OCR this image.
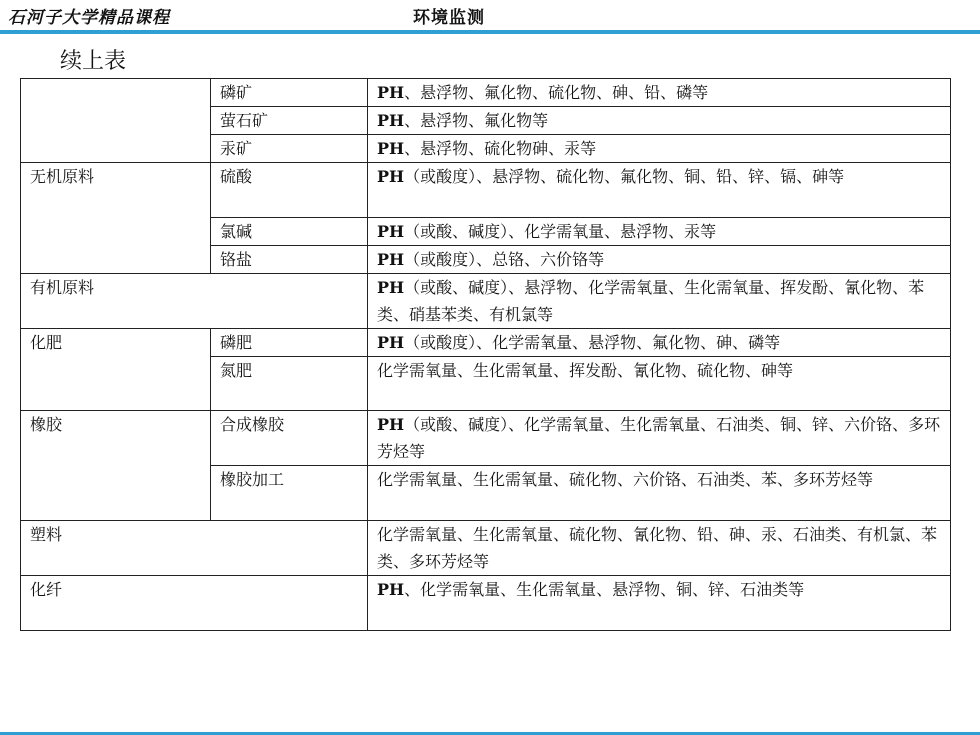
石河子大学精品课程	环境监测
续上表
	磷矿	PH、悬浮物、氟化物、硫化物、砷、铅、磷等
	萤石矿	PH、悬浮物、氟化物等
	汞矿	PH、悬浮物、硫化物砷、汞等
无机原料	硫酸	PH（或酸度）、悬浮物、硫化物、氟化物、铜、铅、锌、镉、砷等
	氯碱	PH（或酸、碱度）、化学需氧量、悬浮物、汞等
	铬盐	PH（或酸度）、总铬、六价铬等
有机原料		PH（或酸、碱度）、悬浮物、化学需氧量、生化需氧量、挥发酚、氰化物、苯类、硝基苯类、有机氯等
化肥	磷肥	PH（或酸度）、化学需氧量、悬浮物、氟化物、砷、磷等
	氮肥	化学需氧量、生化需氧量、挥发酚、氰化物、硫化物、砷等
橡胶	合成橡胶	PH（或酸、碱度）、化学需氧量、生化需氧量、石油类、铜、锌、六价铬、多环芳烃等
	橡胶加工	化学需氧量、生化需氧量、硫化物、六价铬、石油类、苯、多环芳烃等
塑料		化学需氧量、生化需氧量、硫化物、氰化物、铅、砷、汞、石油类、有机氯、苯类、多环芳烃等
化纤		PH、化学需氧量、生化需氧量、悬浮物、铜、锌、石油类等
